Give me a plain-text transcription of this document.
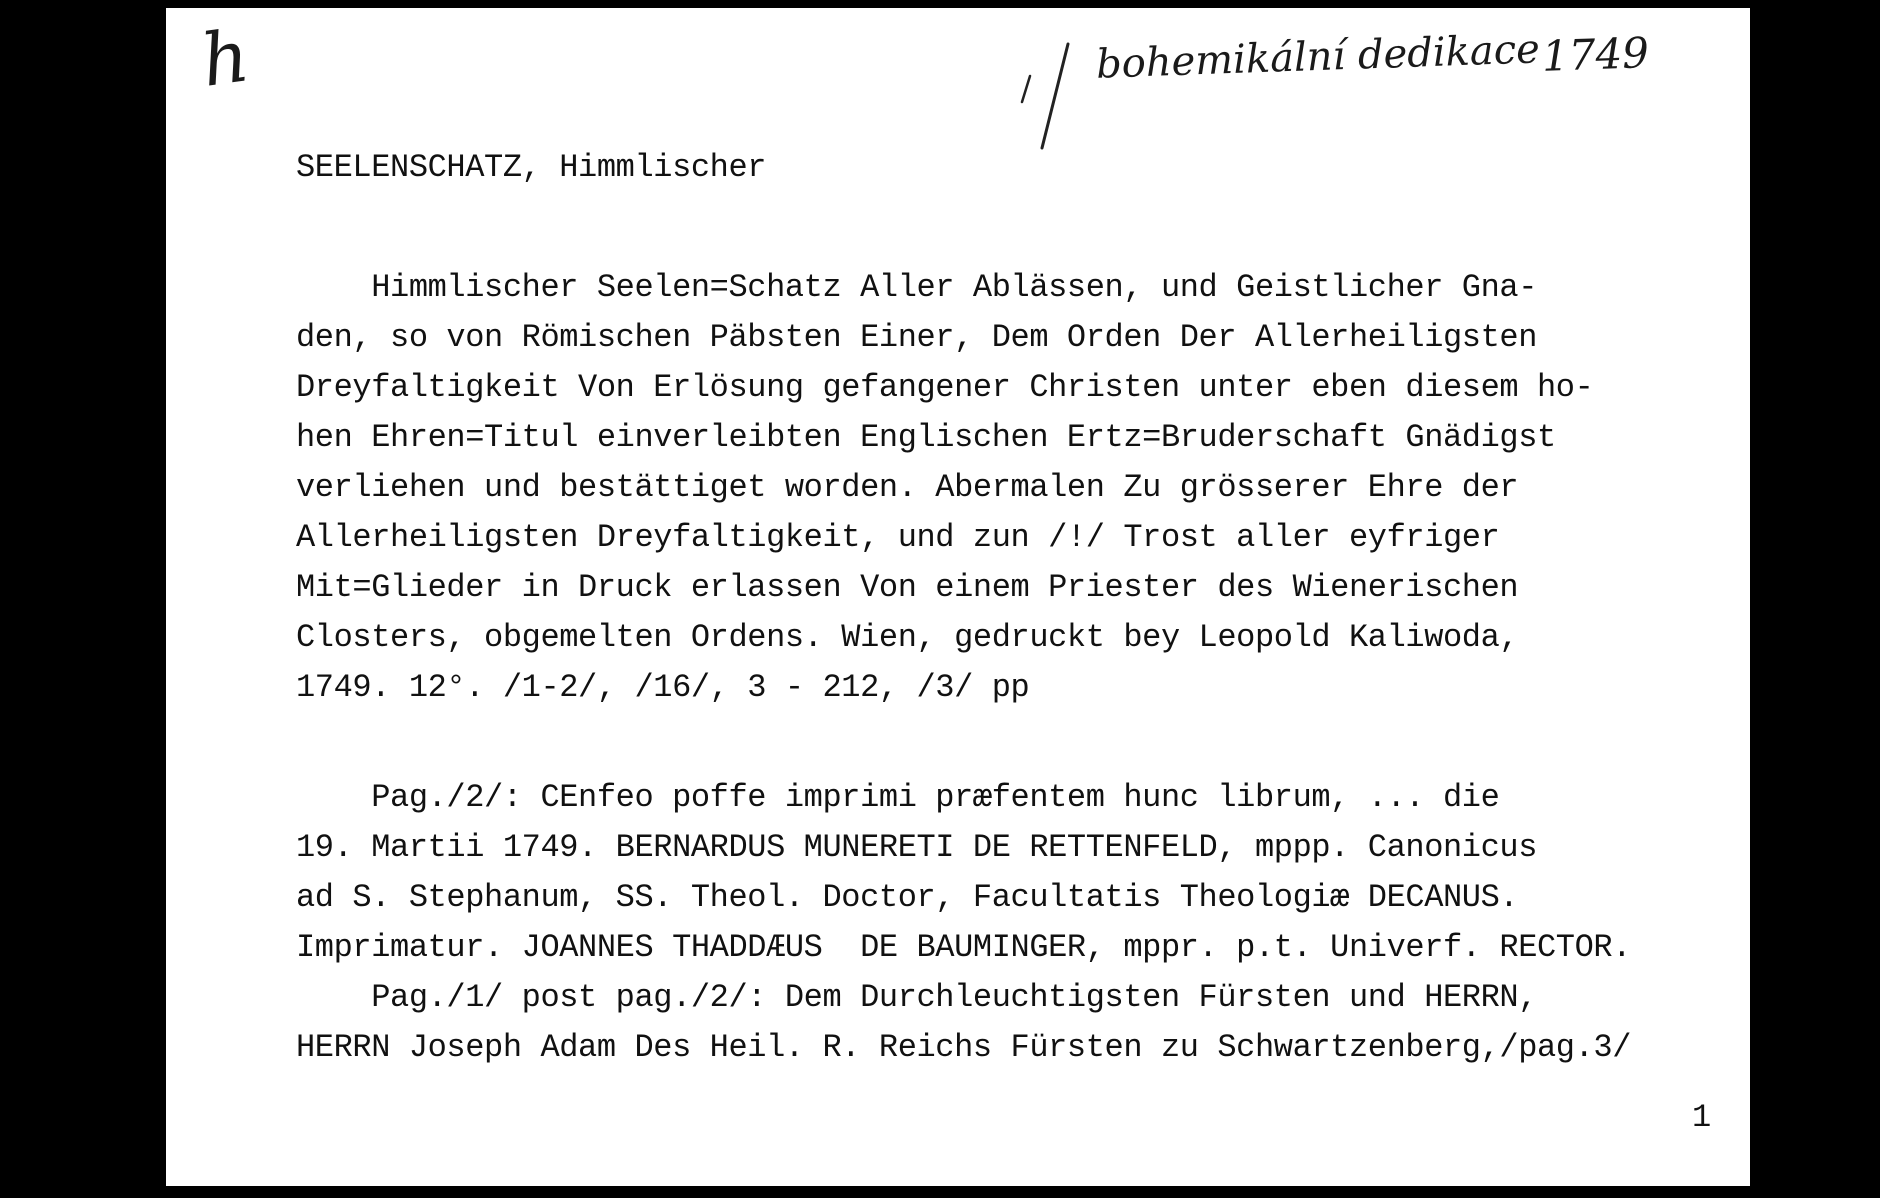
h	bohemikální dedikace 1749
SEELENSCHATZ, Himmlischer
Himmlischer Seelen=Schatz Aller Ablässen, und Geistlicher Gna-
den, so von Römischen Päbsten Einer, Dem Orden Der Allerheiligsten
Dreyfaltigkeit Von Erlösung gefangener Christen unter eben diesem ho-
hen Ehren=Titul einverleibten Englischen Ertz=Bruderschaft Gnädigst
verliehen und bestättiget worden. Abermalen Zu grösserer Ehre der
Allerheiligsten Dreyfaltigkeit, und zun /!/ Trost aller eyfriger
Mit=Glieder in Druck erlassen Von einem Priester des Wienerischen
Closters, obgemelten Ordens. Wien, gedruckt bey Leopold Kaliwoda,
1749. 12°. /1-2/, /16/, 3 - 212, /3/ pp
Pag./2/: CEnfeo poffe imprimi præfentem hunc librum, ... die
19. Martii 1749. BERNARDUS MUNERETI DE RETTENFELD, mppp. Canonicus
ad S. Stephanum, SS. Theol. Doctor, Facultatis Theologiæ DECANUS.
Imprimatur. JOANNES THADDÆUS  DE BAUMINGER, mppr. p.t. Univerf. RECTOR.
Pag./1/ post pag./2/: Dem Durchleuchtigsten Fürsten und HERRN,
HERRN Joseph Adam Des Heil. R. Reichs Fürsten zu Schwartzenberg,/pag.3/
1
